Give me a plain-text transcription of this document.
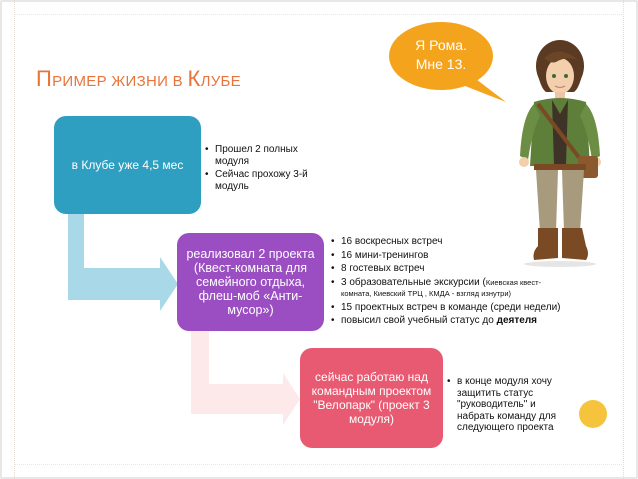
ПРИМЕР ЖИЗНИ В КЛУБЕ
в Клубе уже 4,5 мес
• Прошел 2 полных модуля
• Сейчас прохожу 3-й модуль
реализовал 2 проекта (Квест-комната для семейного отдыха, флеш-моб «Анти-мусор»)
• 16 воскресных встреч
• 16 мини-тренингов
• 8 гостевых встреч
• 3 образовательные экскурсии (Киевская квест-комната, Киевский ТРЦ , КМДА - взгляд изнутри)
• 15 проектных встреч в команде (среди недели)
• повысил свой учебный статус до деятеля
сейчас работаю над командным проектом "Велопарк" (проект 3 модуля)
• в конце модуля хочу защитить статус "руководитель" и набрать команду для следующего проекта
Я Рома.
Мне 13.
